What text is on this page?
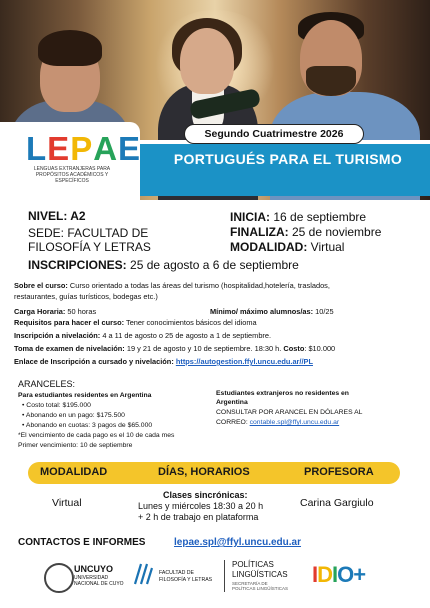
PORTUGUÉS PARA EL TURISMO
LEPAE
LENGUAS EXTRANJERAS PARA PROPÓSITOS ACADÉMICOS Y ESPECÍFICOS
Segundo Cuatrimestre 2026
NIVEL: A2
SEDE: FACULTAD DE
FILOSOFÍA Y LETRAS
INICIA: 16 de septiembre
FINALIZA: 25 de noviembre
MODALIDAD: Virtual
INSCRIPCIONES: 25 de agosto a 6 de septiembre
Sobre el curso: Curso orientado a todas las áreas del turismo (hospitalidad,hotelería, traslados,
restaurantes, guías turísticos, bodegas etc.)
Carga Horaria: 50 horas	Mínimo/ máximo alumnos/as: 10/25
Requisitos para hacer el curso: Tener conocimientos básicos del idioma
Inscripción a nivelación: 4 a 11 de agosto o 25 de agosto a 1 de septiembre.
Toma de examen de nivelación: 19 y 21 de agosto y 10 de septiembre. 18:30 h. Costo: $10.000
Enlace de Inscripción a cursado y nivelación: https://autogestion.ffyl.uncu.edu.ar//PL
ARANCELES:
Para estudiantes residentes en Argentina
• Costo total: $195.000
• Abonando en un pago: $175.500
• Abonando en cuotas: 3 pagos de $65.000
*El vencimiento de cada pago es el 10 de cada mes
Primer vencimiento: 10 de septiembre
Estudiantes extranjeros no residentes en
Argentina
CONSULTAR POR ARANCEL EN DÓLARES AL
CORREO: contable.spl@ffyl.uncu.edu.ar
MODALIDAD	DÍAS, HORARIOS	PROFESORA
Virtual
Clases sincrónicas:
Lunes y miércoles 18:30 a 20 h
+ 2 h de trabajo en plataforma
Carina Gargiulo
CONTACTOS E INFORMES	lepae.spl@ffyl.uncu.edu.ar
UNCUYO
UNIVERSIDAD
NACIONAL DE CUYO
FACULTAD DE
FILOSOFÍA Y LETRAS
POLÍTICAS
LINGÜÍSTICAS
SECRETARÍA DE
POLÍTICAS LINGÜÍSTICAS
IDIO+
